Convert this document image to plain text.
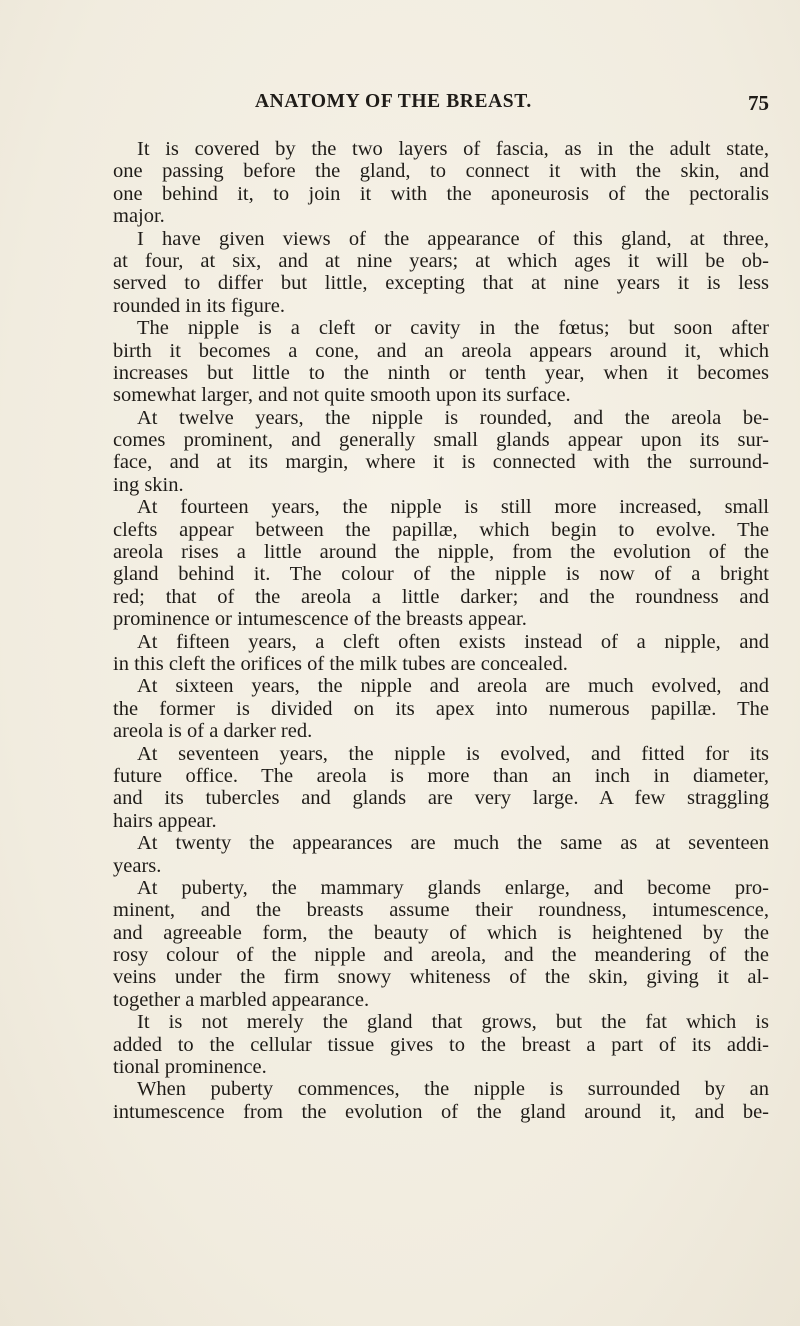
ANATOMY OF THE BREAST.	75
It is covered by the two layers of fascia, as in the adult state,
one passing before the gland, to connect it with the skin, and
one behind it, to join it with the aponeurosis of the pectoralis
major.
I have given views of the appearance of this gland, at three,
at four, at six, and at nine years; at which ages it will be ob-
served to differ but little, excepting that at nine years it is less
rounded in its figure.
The nipple is a cleft or cavity in the fœtus; but soon after
birth it becomes a cone, and an areola appears around it, which
increases but little to the ninth or tenth year, when it becomes
somewhat larger, and not quite smooth upon its surface.
At twelve years, the nipple is rounded, and the areola be-
comes prominent, and generally small glands appear upon its sur-
face, and at its margin, where it is connected with the surround-
ing skin.
At fourteen years, the nipple is still more increased, small
clefts appear between the papillæ, which begin to evolve. The
areola rises a little around the nipple, from the evolution of the
gland behind it. The colour of the nipple is now of a bright
red; that of the areola a little darker; and the roundness and
prominence or intumescence of the breasts appear.
At fifteen years, a cleft often exists instead of a nipple, and
in this cleft the orifices of the milk tubes are concealed.
At sixteen years, the nipple and areola are much evolved, and
the former is divided on its apex into numerous papillæ. The
areola is of a darker red.
At seventeen years, the nipple is evolved, and fitted for its
future office. The areola is more than an inch in diameter,
and its tubercles and glands are very large. A few straggling
hairs appear.
At twenty the appearances are much the same as at seventeen
years.
At puberty, the mammary glands enlarge, and become pro-
minent, and the breasts assume their roundness, intumescence,
and agreeable form, the beauty of which is heightened by the
rosy colour of the nipple and areola, and the meandering of the
veins under the firm snowy whiteness of the skin, giving it al-
together a marbled appearance.
It is not merely the gland that grows, but the fat which is
added to the cellular tissue gives to the breast a part of its addi-
tional prominence.
When puberty commences, the nipple is surrounded by an
intumescence from the evolution of the gland around it, and be-
